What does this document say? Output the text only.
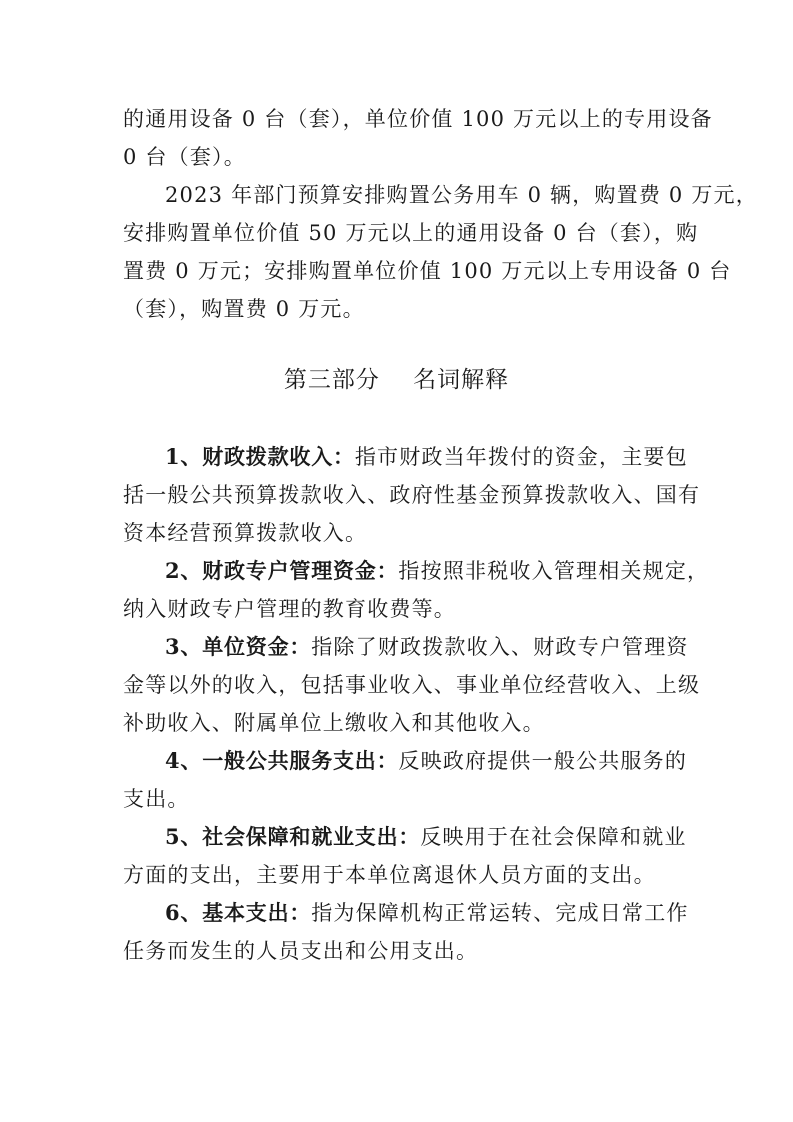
的通用设备 0 台（套），单位价值 100 万元以上的专用设备
0 台（套）。
2023 年部门预算安排购置公务用车 0 辆，购置费 0 万元，
安排购置单位价值 50 万元以上的通用设备 0 台（套），购
置费 0 万元；安排购置单位价值 100 万元以上专用设备 0 台
（套），购置费 0 万元。
第三部分    名词解释
1、财政拨款收入：指市财政当年拨付的资金，主要包
括一般公共预算拨款收入、政府性基金预算拨款收入、国有
资本经营预算拨款收入。
2、财政专户管理资金：指按照非税收入管理相关规定，
纳入财政专户管理的教育收费等。
3、单位资金：指除了财政拨款收入、财政专户管理资
金等以外的收入，包括事业收入、事业单位经营收入、上级
补助收入、附属单位上缴收入和其他收入。
4、一般公共服务支出：反映政府提供一般公共服务的
支出。
5、社会保障和就业支出：反映用于在社会保障和就业
方面的支出，主要用于本单位离退休人员方面的支出。
6、基本支出：指为保障机构正常运转、完成日常工作
任务而发生的人员支出和公用支出。
